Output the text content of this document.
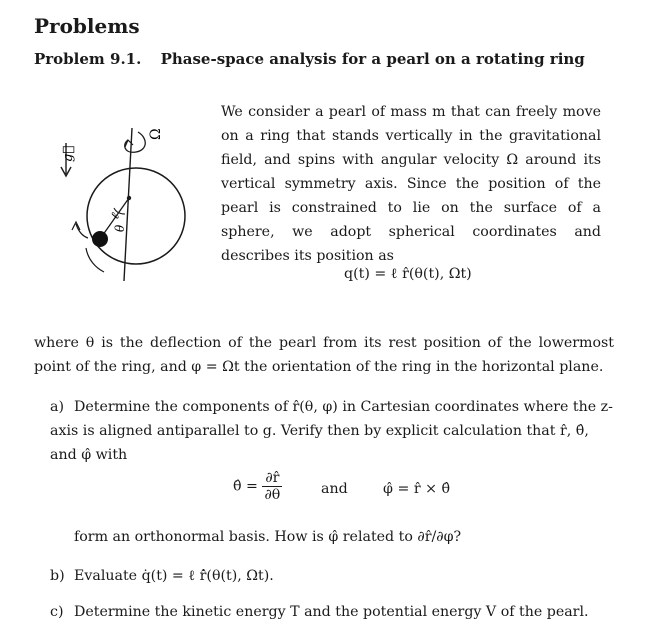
Problems
Problem 9.1. Phase-space analysis for a pearl on a rotating ring
g⃗
Ω
ℓ
θ
We consider a pearl of mass m that can freely move on a ring that stands vertically in the gravitational field, and spins with angular velocity Ω around its vertical symmetry axis. Since the position of the pearl is constrained to lie on the surface of a sphere, we adopt spherical coordinates and describes its position as
q(t) = ℓ r̂(θ(t), Ωt)
where θ is the deflection of the pearl from its rest position of the lowermost point of the ring, and φ = Ωt the orientation of the ring in the horizontal plane.
a) Determine the components of r̂(θ, φ) in Cartesian coordinates where the z-axis is aligned antiparallel to g. Verify then by explicit calculation that r̂, θ̂, and φ̂ with
θ̂ = $\frac{\partial r̂}{\partial\theta}$	and φ̂ = r̂ × θ̂
form an orthonormal basis. How is φ̂ related to ∂r̂/∂φ?
b) Evaluate q̇(t) = ℓ r̂̇(θ(t), Ωt).
c) Determine the kinetic energy T and the potential energy V of the pearl.
